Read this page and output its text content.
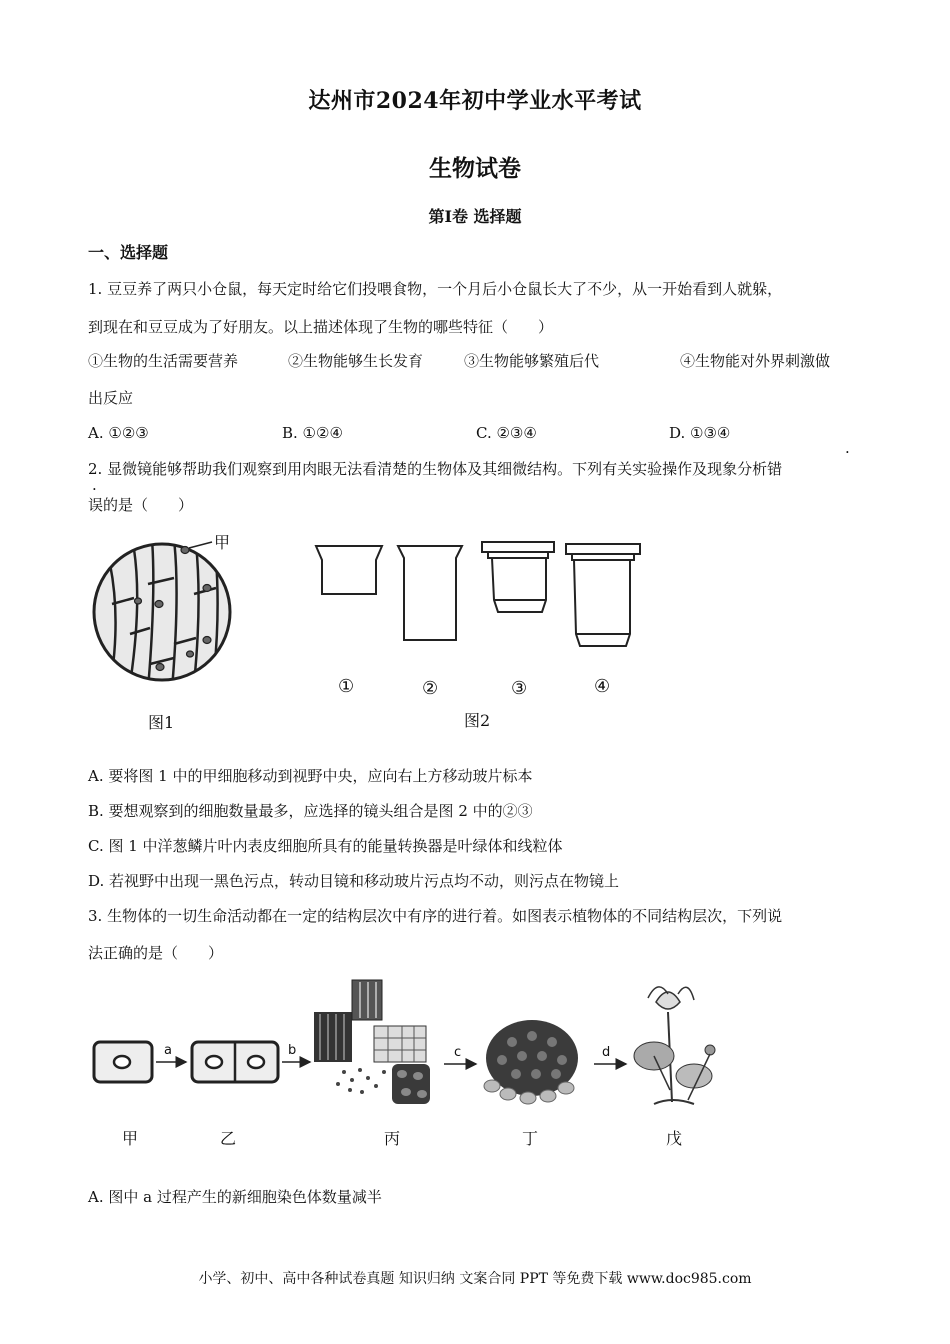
达州市2024年初中学业水平考试
生物试卷
第Ⅰ卷 选择题
一、选择题
1. 豆豆养了两只小仓鼠，每天定时给它们投喂食物，一个月后小仓鼠长大了不少，从一开始看到人就躲，
到现在和豆豆成为了好朋友。以上描述体现了生物的哪些特征（　　）
①生物的生活需要营养	②生物能够生长发育	③生物能够繁殖后代	④生物能对外界刺激做
出反应
A. ①②③	B. ①②④	C. ②③④	D. ①③④
·
2. 显微镜能够帮助我们观察到用肉眼无法看清楚的生物体及其细微结构。下列有关实验操作及现象分析错
·
误的是（　　）
甲
图1
①	②	③	④
图2
A. 要将图 1 中的甲细胞移动到视野中央，应向右上方移动玻片标本
B. 要想观察到的细胞数量最多，应选择的镜头组合是图 2 中的②③
C. 图 1 中洋葱鳞片叶内表皮细胞所具有的能量转换器是叶绿体和线粒体
D. 若视野中出现一黑色污点，转动目镜和移动玻片污点均不动，则污点在物镜上
3. 生物体的一切生命活动都在一定的结构层次中有序的进行着。如图表示植物体的不同结构层次，下列说
法正确的是（　　）
a	b	c	d
甲	乙	丙	丁	戊
A. 图中 a 过程产生的新细胞染色体数量减半
小学、初中、高中各种试卷真题 知识归纳 文案合同 PPT 等免费下载 www.doc985.com
